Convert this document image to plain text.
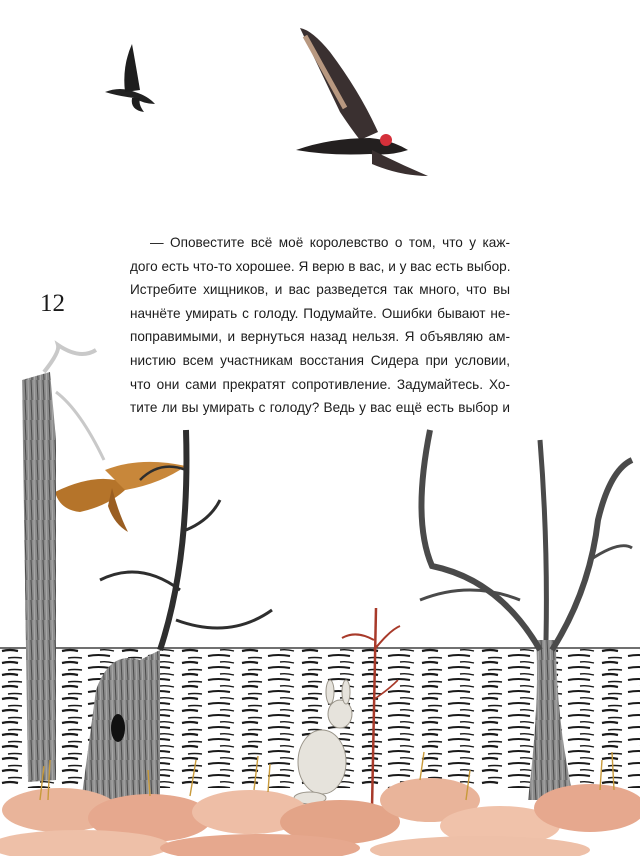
12
— Оповестите всё моё королевство о том, что у каж-
дого есть что-то хорошее. Я верю в вас, и у вас есть выбор.
Истребите хищников, и вас разведется так много, что вы
начнёте умирать с голоду. Подумайте. Ошибки бывают не-
поправимыми, и вернуться назад нельзя. Я объявляю ам-
нистию всем участникам восстания Сидера при условии,
что они сами прекратят сопротивление. Задумайтесь. Хо-
тите ли вы умирать с голоду? Ведь у вас ещё есть выбор и
